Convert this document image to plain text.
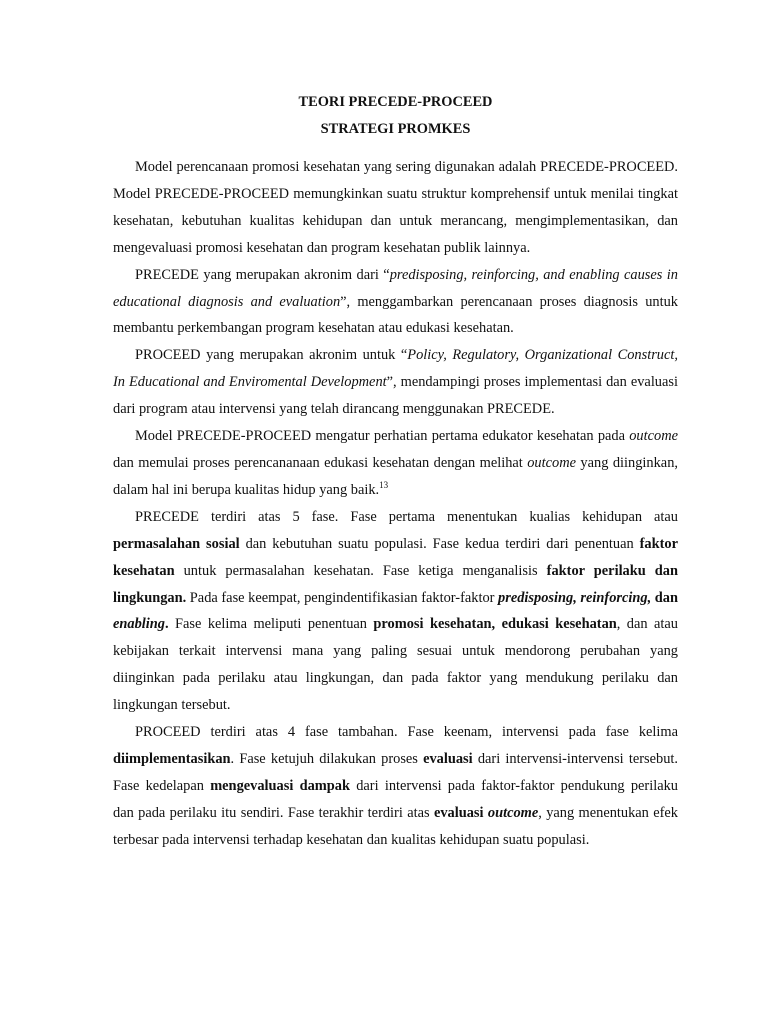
TEORI PRECEDE-PROCEED

STRATEGI PROMKES

Model perencanaan promosi kesehatan yang sering digunakan adalah PRECEDE-PROCEED. Model PRECEDE-PROCEED memungkinkan suatu struktur komprehensif untuk menilai tingkat kesehatan, kebutuhan kualitas kehidupan dan untuk merancang, mengimplementasikan, dan mengevaluasi promosi kesehatan dan program kesehatan publik lainnya.

PRECEDE yang merupakan akronim dari “predisposing, reinforcing, and enabling causes in educational diagnosis and evaluation”, menggambarkan perencanaan proses diagnosis untuk membantu perkembangan program kesehatan atau edukasi kesehatan.

PROCEED yang merupakan akronim untuk “Policy, Regulatory, Organizational Construct, In Educational and Enviromental Development”, mendampingi proses implementasi dan evaluasi dari program atau intervensi yang telah dirancang menggunakan PRECEDE.

Model PRECEDE-PROCEED mengatur perhatian pertama edukator kesehatan pada outcome dan memulai proses perencananaan edukasi kesehatan dengan melihat outcome yang diinginkan, dalam hal ini berupa kualitas hidup yang baik.$^{13}$

PRECEDE terdiri atas 5 fase. Fase pertama menentukan kualias kehidupan atau permasalahan sosial dan kebutuhan suatu populasi. Fase kedua terdiri dari penentuan faktor kesehatan untuk permasalahan kesehatan. Fase ketiga menganalisis faktor perilaku dan lingkungan. Pada fase keempat, pengindentifikasian faktor-faktor predisposing, reinforcing, dan enabling. Fase kelima meliputi penentuan promosi kesehatan, edukasi kesehatan, dan atau kebijakan terkait intervensi mana yang paling sesuai untuk mendorong perubahan yang diinginkan pada perilaku atau lingkungan, dan pada faktor yang mendukung perilaku dan lingkungan tersebut.

PROCEED terdiri atas 4 fase tambahan. Fase keenam, intervensi pada fase kelima diimplementasikan. Fase ketujuh dilakukan proses evaluasi dari intervensi-intervensi tersebut. Fase kedelapan mengevaluasi dampak dari intervensi pada faktor-faktor pendukung perilaku dan pada perilaku itu sendiri. Fase terakhir terdiri atas evaluasi outcome, yang menentukan efek terbesar pada intervensi terhadap kesehatan dan kualitas kehidupan suatu populasi.
